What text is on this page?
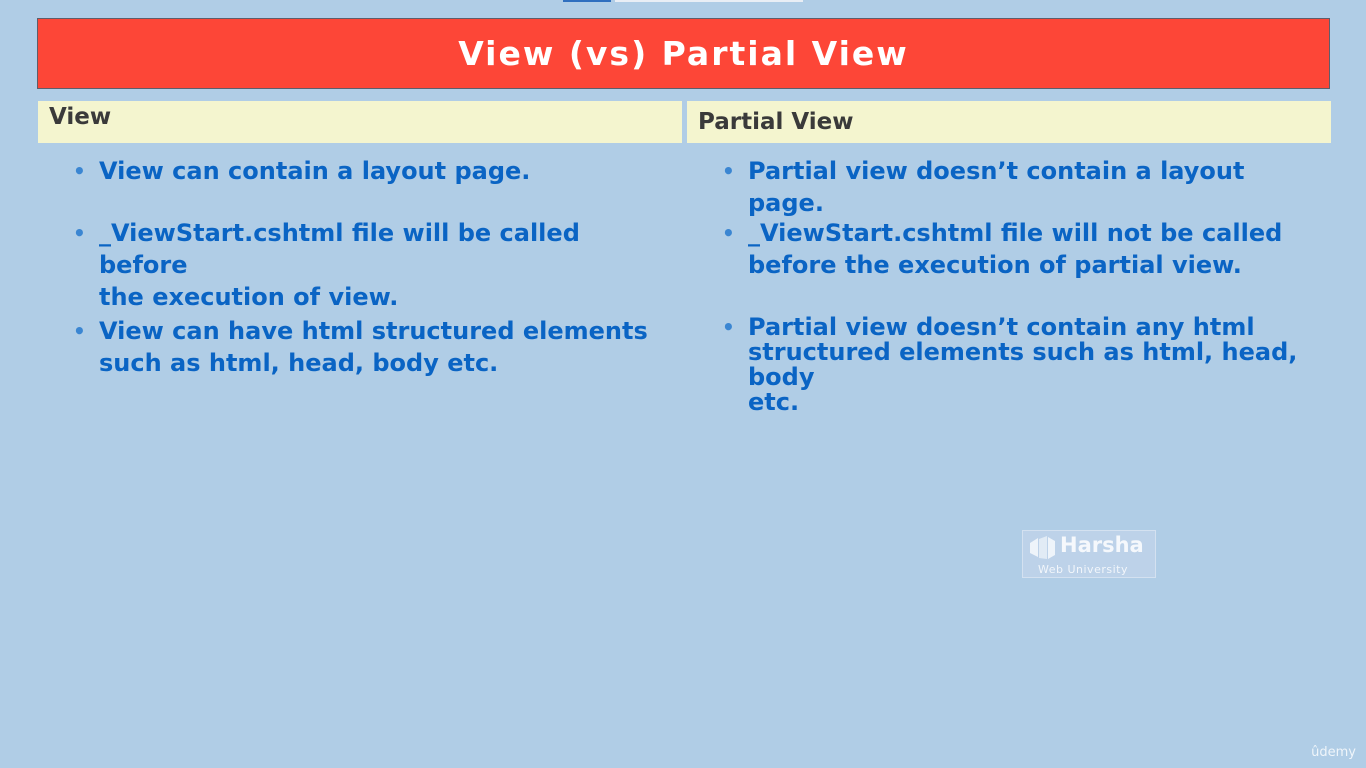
View (vs) Partial View
View	Partial View
• View can contain a layout page.
• _ViewStart.cshtml file will be called before
the execution of view.
• View can have html structured elements
such as html, head, body etc.
• Partial view doesn’t contain a layout page.
• _ViewStart.cshtml file will not be called
before the execution of partial view.
• Partial view doesn’t contain any html
structured elements such as html, head, body
etc.
Harsha
Web University
ûdemy
